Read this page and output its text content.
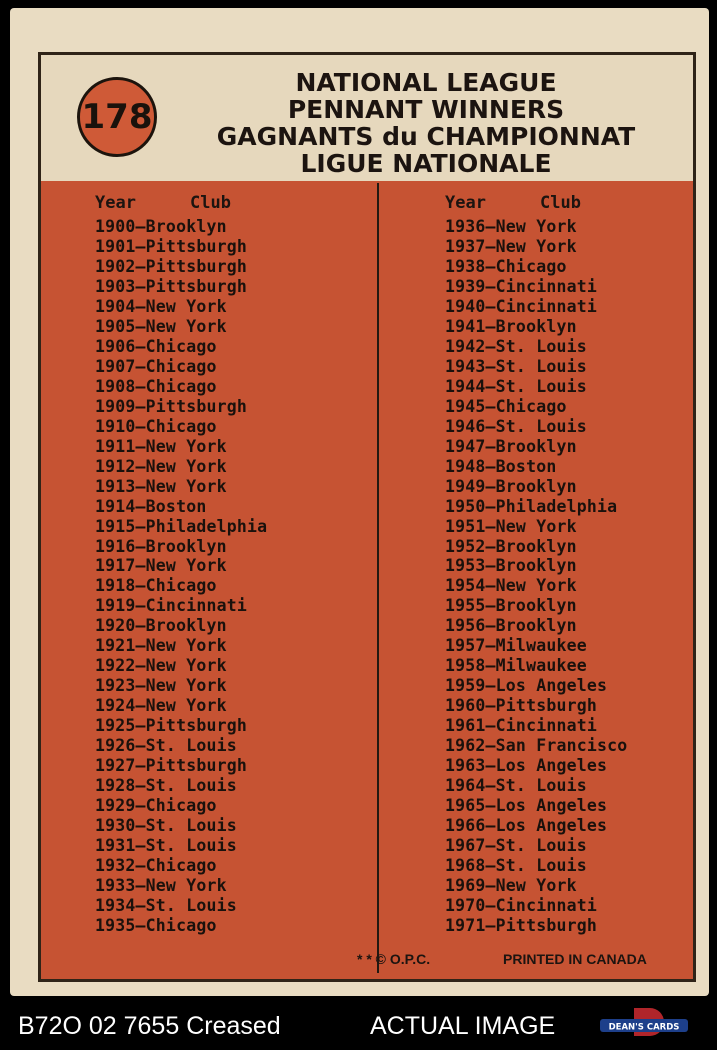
178
NATIONAL LEAGUE
PENNANT WINNERS
GAGNANTS du CHAMPIONNAT
LIGUE NATIONALE
Year	Club
1900—Brooklyn
1901—Pittsburgh
1902—Pittsburgh
1903—Pittsburgh
1904—New York
1905—New York
1906—Chicago
1907—Chicago
1908—Chicago
1909—Pittsburgh
1910—Chicago
1911—New York
1912—New York
1913—New York
1914—Boston
1915—Philadelphia
1916—Brooklyn
1917—New York
1918—Chicago
1919—Cincinnati
1920—Brooklyn
1921—New York
1922—New York
1923—New York
1924—New York
1925—Pittsburgh
1926—St. Louis
1927—Pittsburgh
1928—St. Louis
1929—Chicago
1930—St. Louis
1931—St. Louis
1932—Chicago
1933—New York
1934—St. Louis
1935—Chicago
Year	Club
1936—New York
1937—New York
1938—Chicago
1939—Cincinnati
1940—Cincinnati
1941—Brooklyn
1942—St. Louis
1943—St. Louis
1944—St. Louis
1945—Chicago
1946—St. Louis
1947—Brooklyn
1948—Boston
1949—Brooklyn
1950—Philadelphia
1951—New York
1952—Brooklyn
1953—Brooklyn
1954—New York
1955—Brooklyn
1956—Brooklyn
1957—Milwaukee
1958—Milwaukee
1959—Los Angeles
1960—Pittsburgh
1961—Cincinnati
1962—San Francisco
1963—Los Angeles
1964—St. Louis
1965—Los Angeles
1966—Los Angeles
1967—St. Louis
1968—St. Louis
1969—New York
1970—Cincinnati
1971—Pittsburgh
* * © O.P.C.	PRINTED IN CANADA
B72O 02 7655 Creased	ACTUAL IMAGE	DEAN'S CARDS
